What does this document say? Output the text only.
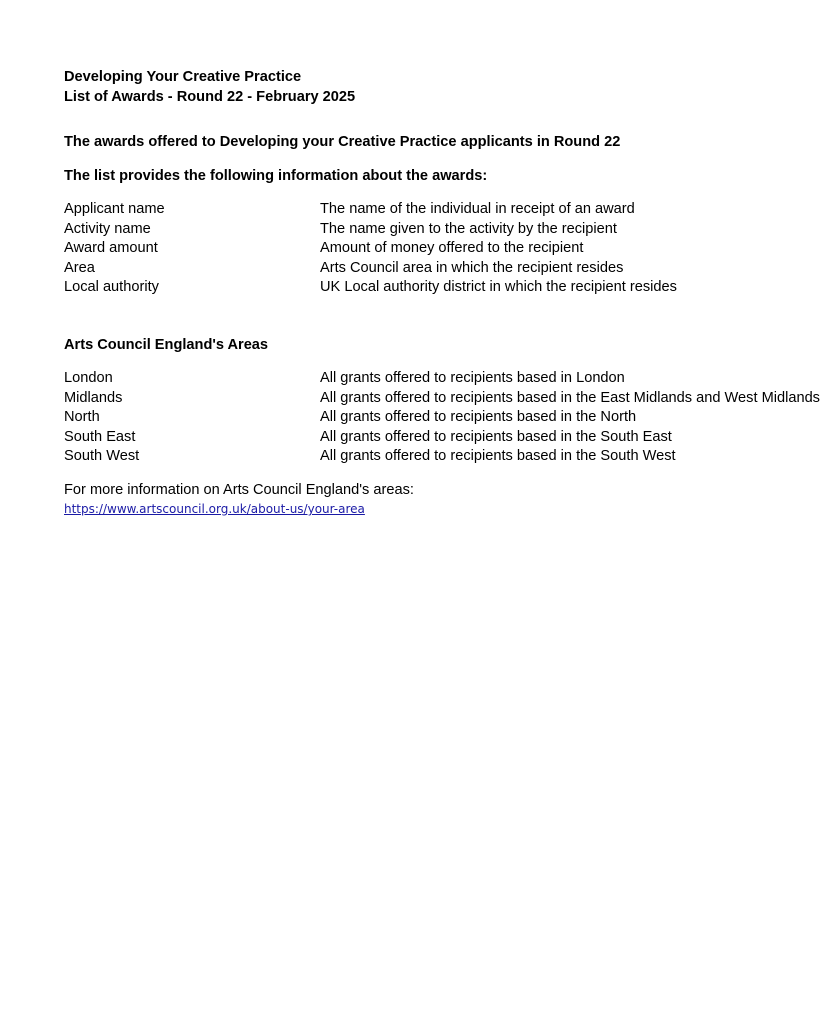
Developing Your Creative Practice
List of Awards - Round 22 - February 2025
The awards offered to Developing your Creative Practice applicants in Round 22
The list provides the following information about the awards:
Applicant name	The name of the individual in receipt of an award
Activity name	The name given to the activity by the recipient
Award amount	Amount of money offered to the recipient
Area	Arts Council area in which the recipient resides
Local authority	UK Local authority district in which the recipient resides
Arts Council England's Areas
London	All grants offered to recipients based in London
Midlands	All grants offered to recipients based in the East Midlands and West Midlands
North	All grants offered to recipients based in the North
South East	All grants offered to recipients based in the South East
South West	All grants offered to recipients based in the South West
For more information on Arts Council England's areas:
https://www.artscouncil.org.uk/about-us/your-area
